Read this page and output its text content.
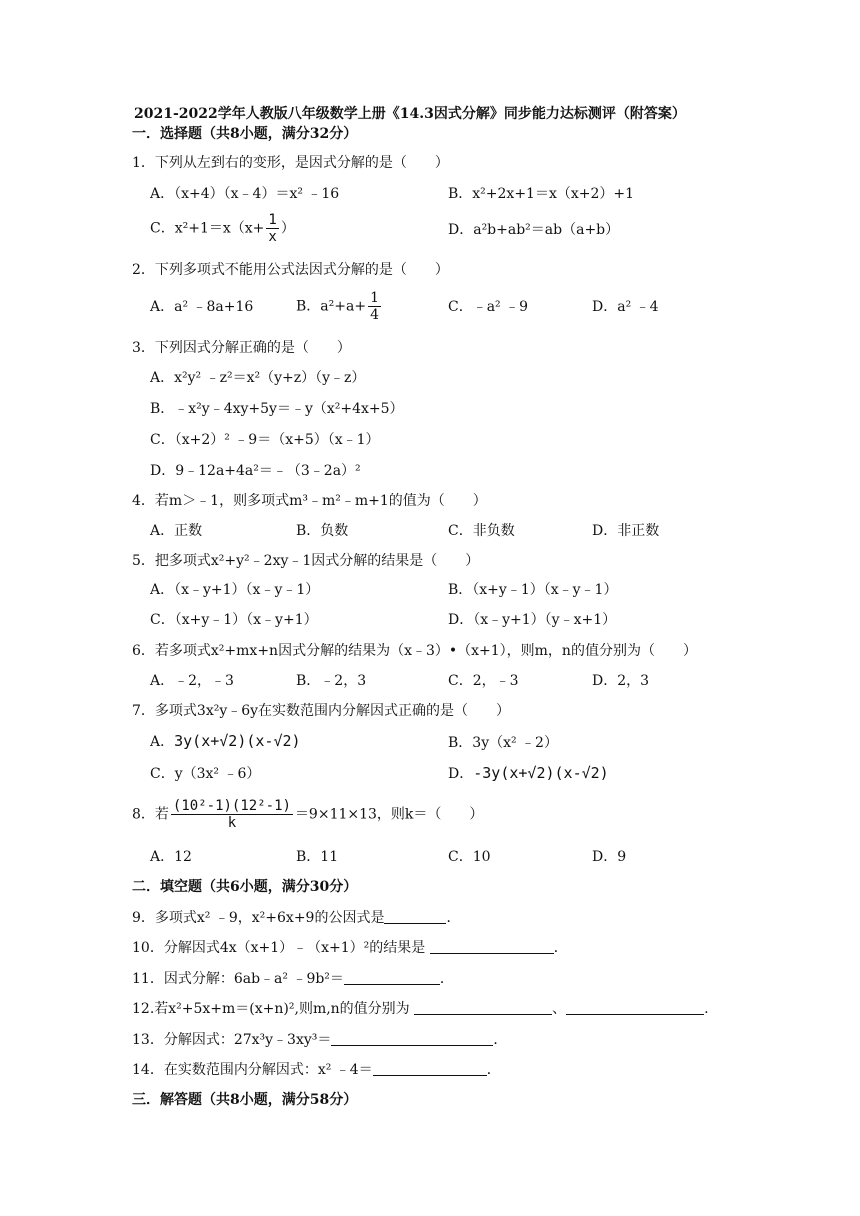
2021-2022学年人教版八年级数学上册《14.3因式分解》同步能力达标测评（附答案）
一．选择题（共8小题，满分32分）
1．下列从左到右的变形，是因式分解的是（　　）
A．（x+4）（x﹣4）＝x² ﹣16	B．x²+2x+1＝x（x+2）+1
C．$x^2+1=x(x+ \frac{1}{x}$ ）	D．a²b+ab²＝ab（a+b）
2．下列多项式不能用公式法因式分解的是（　　）
A．a² ﹣8a+16	B．$a^2+a+ \frac{1}{4}$	C．﹣a² ﹣9	D．a² ﹣4
3．下列因式分解正确的是（　　）
A．x²y² ﹣z²＝x²（y+z）（y﹣z）
B．﹣x²y﹣4xy+5y＝﹣y（x²+4x+5）
C．（x+2）² ﹣9＝（x+5）（x﹣1）
D．9﹣12a+4a²＝﹣（3﹣2a）²
4．若m＞﹣1，则多项式m³﹣m²﹣m+1的值为（　　）
A．正数	B．负数	C．非负数	D．非正数
5．把多项式x²+y²﹣2xy﹣1因式分解的结果是（　　）
A．（x﹣y+1）（x﹣y﹣1）	B．（x+y﹣1）（x﹣y﹣1）
C．（x+y﹣1）（x﹣y+1）	D．（x﹣y+1）（y﹣x+1）
6．若多项式x²+mx+n因式分解的结果为（x﹣3）•（x+1），则m，n的值分别为（　　）
A．﹣2，﹣3	B．﹣2，3	C．2，﹣3	D．2，3
7．多项式3x²y﹣6y在实数范围内分解因式正确的是（　　）
A．3y(x+√2)(x-√2)	B．3y（x² ﹣2）
C．y（3x² ﹣6）	D．-3y(x+√2)(x-√2)
8．若 $\frac{\text{(10²-1)(12²-1)}}{k} =9\times 11\times 13$，则k＝（　　）
A．12	B．11	C．10	D．9
二．填空题（共6小题，满分30分）
9．多项式x² ﹣9，x²+6x+9的公因式是	．
10．分解因式4x（x+1）﹣（x+1）²的结果是	．
11．因式分解：6ab﹣a² ﹣9b²＝	．
12.若x²+5x+m＝(x+n)²,则m,n的值分别为	、	.
13．分解因式：27x³y﹣3xy³＝	．
14．在实数范围内分解因式：x² ﹣4＝	．
三．解答题（共8小题，满分58分）
